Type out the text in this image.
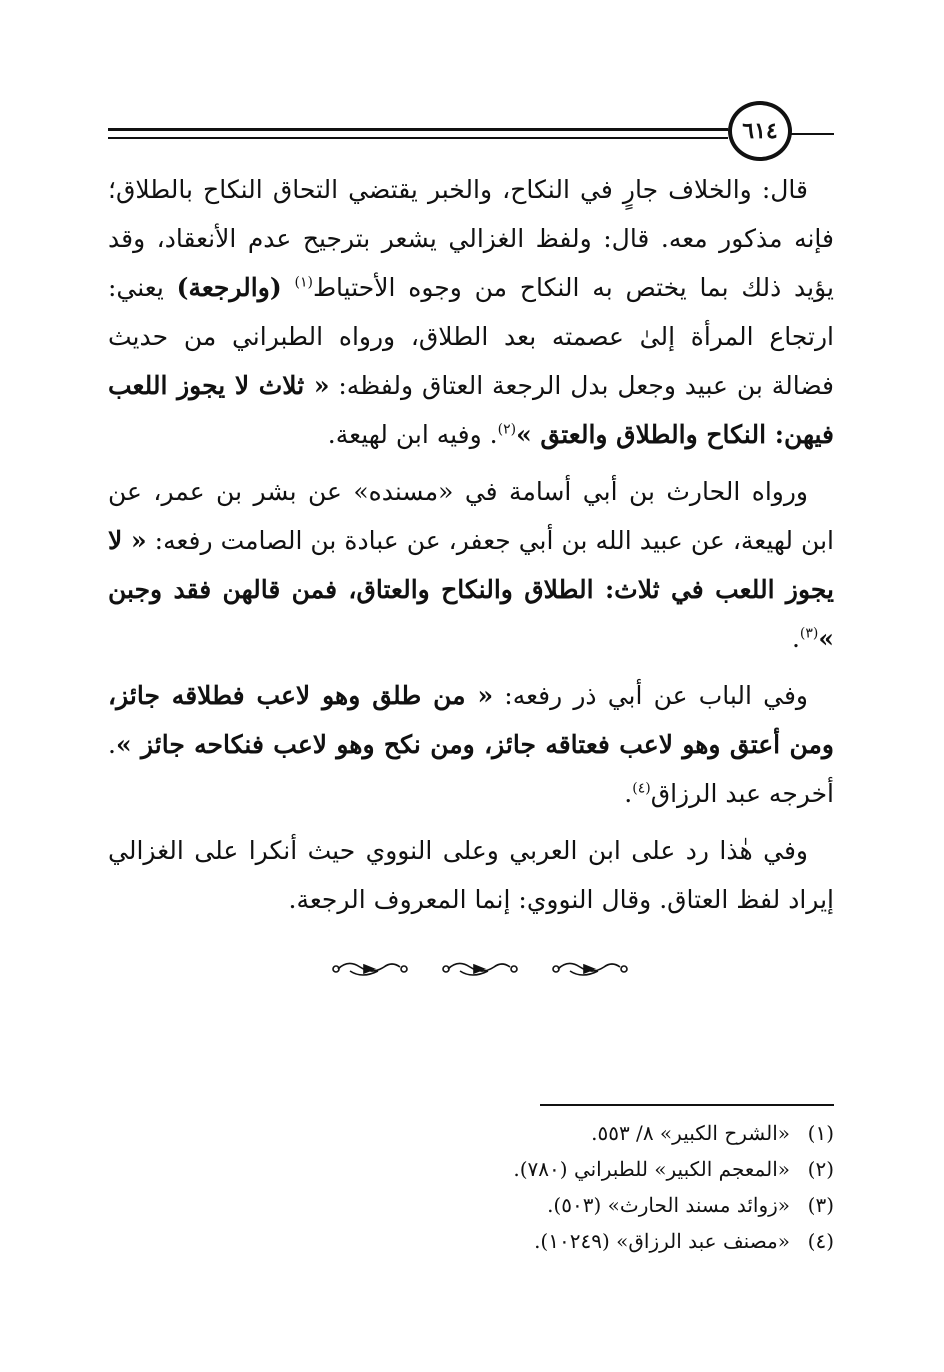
٦١٤

قال: والخلاف جارٍ في النكاح، والخبر يقتضي التحاق النكاح بالطلاق؛ فإنه مذكور معه. قال: ولفظ الغزالي يشعر بترجيح عدم الأنعقاد، وقد يؤيد ذلك بما يختص به النكاح من وجوه الأحتياط$^{(١)}$ (والرجعة) يعني: ارتجاع المرأة إلىٰ عصمته بعد الطلاق، ورواه الطبراني من حديث فضالة بن عبيد وجعل بدل الرجعة العتاق ولفظه: « ثلاث لا يجوز اللعب فيهن: النكاح والطلاق والعتق »$^{(٢)}$. وفيه ابن لهيعة.

ورواه الحارث بن أبي أسامة في «مسنده» عن بشر بن عمر، عن ابن لهيعة، عن عبيد الله بن أبي جعفر، عن عبادة بن الصامت رفعه: « لا يجوز اللعب في ثلاث: الطلاق والنكاح والعتاق، فمن قالهن فقد وجبن »$^{(٣)}$.

وفي الباب عن أبي ذر رفعه: « من طلق وهو لاعب فطلاقه جائز، ومن أعتق وهو لاعب فعتاقه جائز، ومن نكح وهو لاعب فنكاحه جائز ». أخرجه عبد الرزاق$^{(٤)}$.

وفي هٰذا رد على ابن العربي وعلى النووي حيث أنكرا على الغزالي إيراد لفظ العتاق. وقال النووي: إنما المعروف الرجعة.

(١)
«الشرح الكبير» ٨/ ٥٥٣.
(٢)
«المعجم الكبير» للطبراني (٧٨٠).
(٣)
«زوائد مسند الحارث» (٥٠٣).
(٤)
«مصنف عبد الرزاق» (١٠٢٤٩).
